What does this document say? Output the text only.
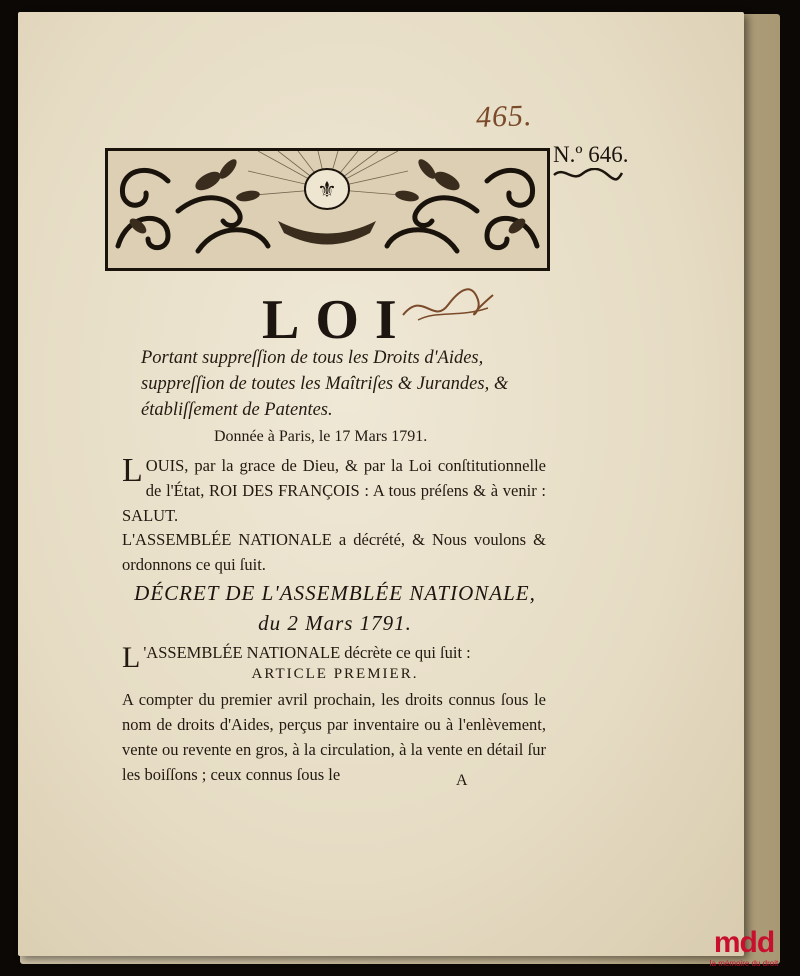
465.
N.º 646.
⚜
LOI
Portant suppreſſion de tous les Droits d'Aides, suppreſſion de toutes les Maîtriſes & Jurandes, & établiſſement de Patentes.
Donnée à Paris, le 17 Mars 1791.
LOUIS, par la grace de Dieu, & par la Loi conſtitutionnelle de l'État, ROI DES FRANÇOIS : A tous préſens & à venir : SALUT.
L'ASSEMBLÉE NATIONALE a décrété, & Nous voulons & ordonnons ce qui ſuit.
DÉCRET DE L'ASSEMBLÉE NATIONALE,
du 2 Mars 1791.
L 'ASSEMBLÉE NATIONALE décrète ce qui ſuit :
ARTICLE PREMIER.
A compter du premier avril prochain, les droits connus ſous le nom de droits d'Aides, perçus par inventaire ou à l'enlèvement, vente ou revente en gros, à la circulation, à la vente en détail ſur les boiſſons ; ceux connus ſous le	A
mdd
la mémoire du droit
